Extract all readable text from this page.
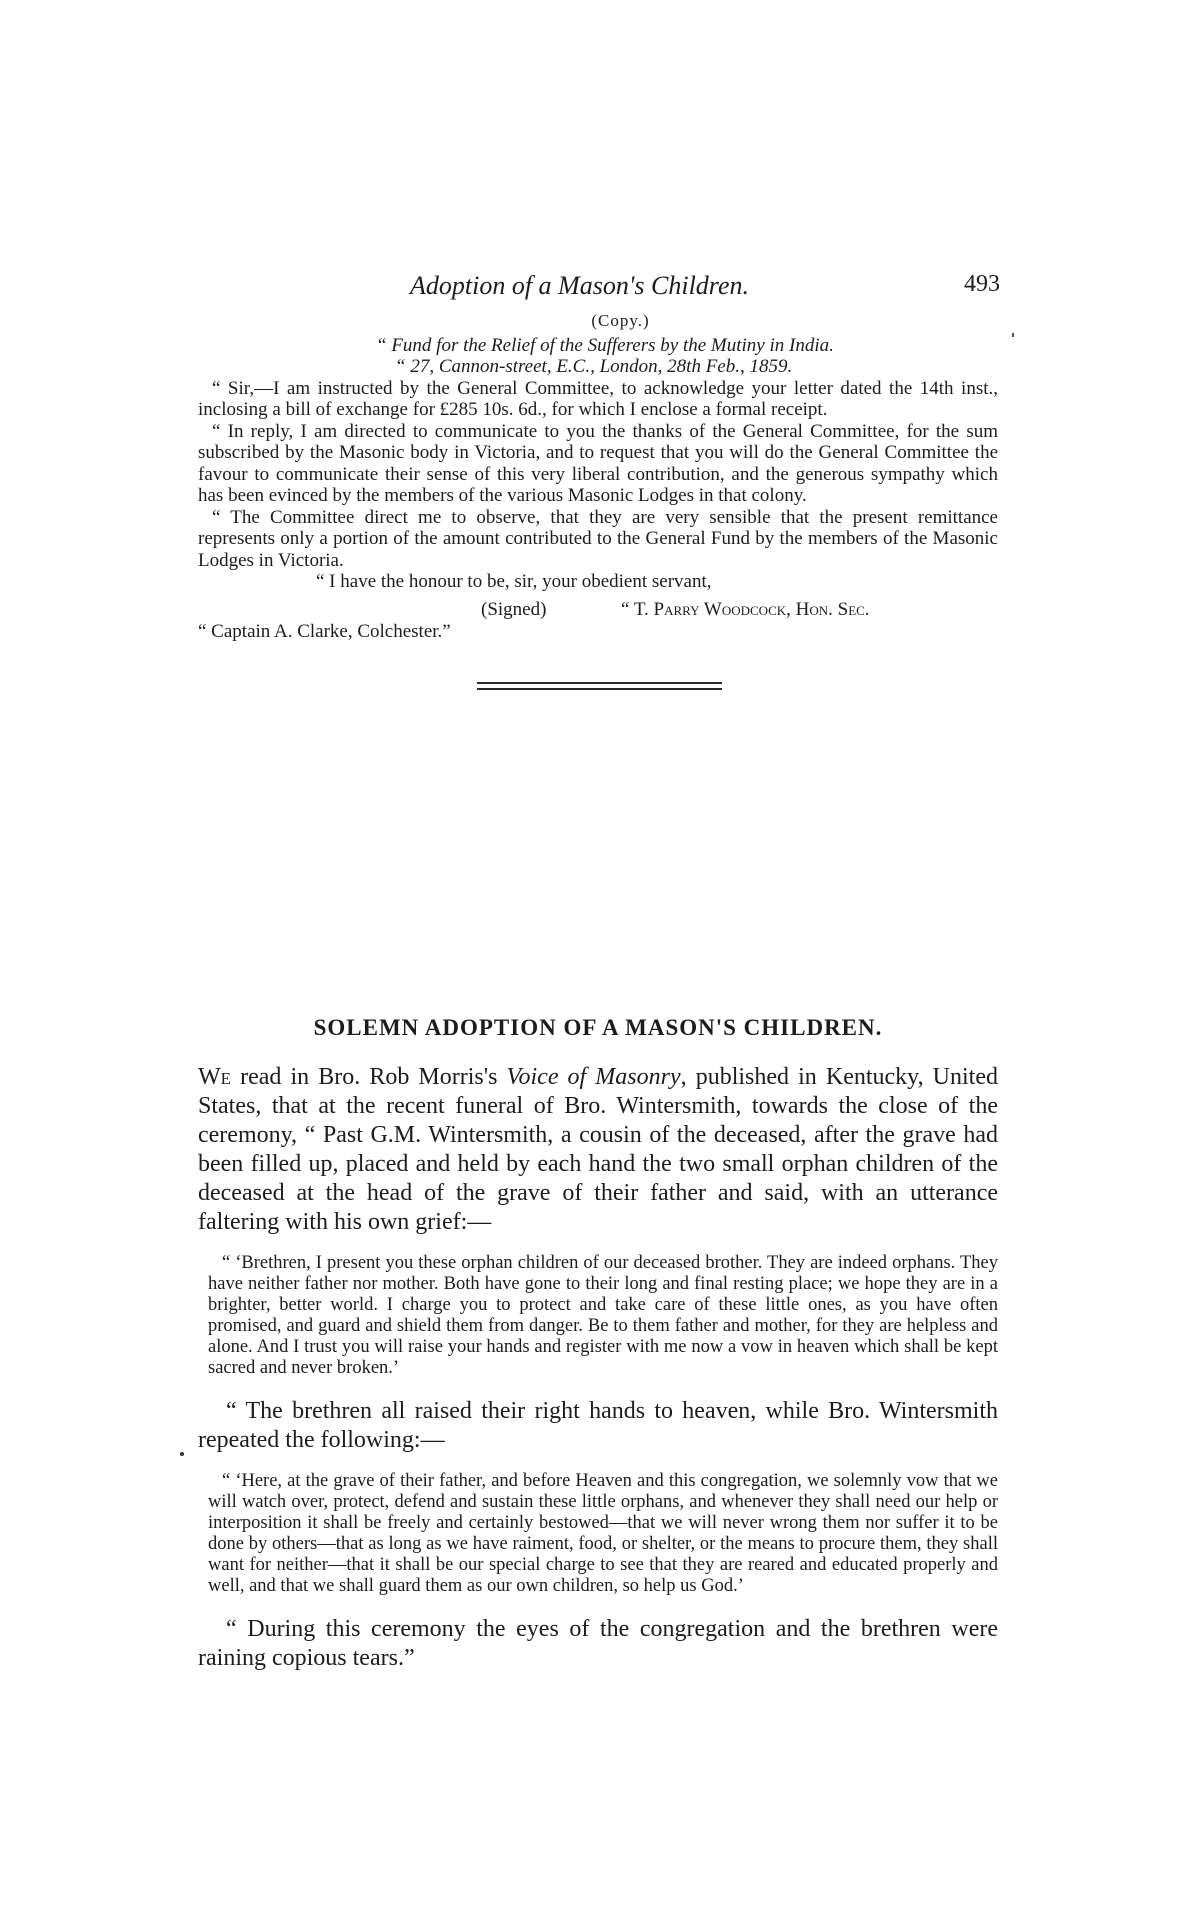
Adoption of a Mason's Children.	493
(Copy.)
“ Fund for the Relief of the Sufferers by the Mutiny in India.
“ 27, Cannon-street, E.C., London, 28th Feb., 1859.

“ Sir,—I am instructed by the General Committee, to acknowledge your letter dated the 14th inst., inclosing a bill of exchange for £285 10s. 6d., for which I enclose a formal receipt.

“ In reply, I am directed to communicate to you the thanks of the General Committee, for the sum subscribed by the Masonic body in Victoria, and to request that you will do the General Committee the favour to communicate their sense of this very liberal contribution, and the generous sympathy which has been evinced by the members of the various Masonic Lodges in that colony.

“ The Committee direct me to observe, that they are very sensible that the present remittance represents only a portion of the amount contributed to the General Fund by the members of the Masonic Lodges in Victoria.

“ I have the honour to be, sir, your obedient servant,
(Signed)	“ T. Parry Woodcock, Hon. Sec.
“ Captain A. Clarke, Colchester.”
SOLEMN ADOPTION OF A MASON'S CHILDREN.

We read in Bro. Rob Morris's Voice of Masonry, published in Kentucky, United States, that at the recent funeral of Bro. Wintersmith, towards the close of the ceremony, “ Past G.M. Wintersmith, a cousin of the deceased, after the grave had been filled up, placed and held by each hand the two small orphan children of the deceased at the head of the grave of their father and said, with an utterance faltering with his own grief:—

“ ‘Brethren, I present you these orphan children of our deceased brother. They are indeed orphans. They have neither father nor mother. Both have gone to their long and final resting place; we hope they are in a brighter, better world. I charge you to protect and take care of these little ones, as you have often promised, and guard and shield them from danger. Be to them father and mother, for they are helpless and alone. And I trust you will raise your hands and register with me now a vow in heaven which shall be kept sacred and never broken.’

“ The brethren all raised their right hands to heaven, while Bro. Wintersmith repeated the following:—

“ ‘Here, at the grave of their father, and before Heaven and this congregation, we solemnly vow that we will watch over, protect, defend and sustain these little orphans, and whenever they shall need our help or interposition it shall be freely and certainly bestowed—that we will never wrong them nor suffer it to be done by others—that as long as we have raiment, food, or shelter, or the means to procure them, they shall want for neither—that it shall be our special charge to see that they are reared and educated properly and well, and that we shall guard them as our own children, so help us God.’

“ During this ceremony the eyes of the congregation and the brethren were raining copious tears.”
